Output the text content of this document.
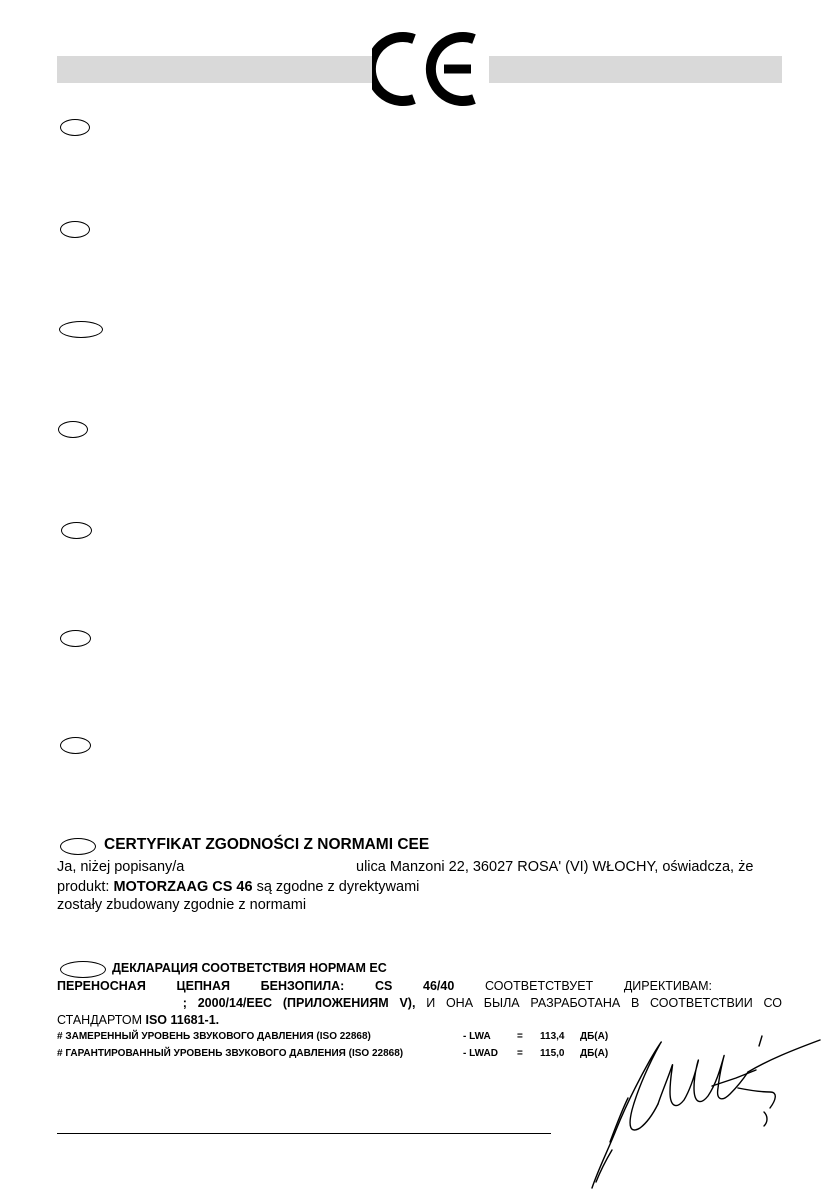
CERTYFIKAT ZGODNOŚCI Z NORMAMI CEE
Ja, niżej popisany/a	ulica Manzoni 22, 36027 ROSA' (VI) WŁOCHY, oświadcza, że
produkt: MOTORZAAG CS 46 są zgodne z dyrektywami
zostały zbudowany zgodnie z normami
ДЕКЛАРАЦИЯ СООТВЕТСТВИЯ НОРМАМ ЕС
ПЕРЕНОСНАЯ ЦЕПНАЯ БЕНЗОПИЛА: CS 46/40 СООТВЕТСТВУЕТ ДИРЕКТИВАМ:
; 2000/14/EEC (ПРИЛОЖЕНИЯМ V), И ОНА БЫЛА РАЗРАБОТАНА В СООТВЕТСТВИИ СО
СТАНДАРТОМ ISO 11681-1.
# ЗАМЕРЕННЫЙ УРОВЕНЬ ЗВУКОВОГО ДАВЛЕНИЯ (ISO 22868)	- LWA	= 113,4 ДБ(А)
# ГАРАНТИРОВАННЫЙ УРОВЕНЬ ЗВУКОВОГО ДАВЛЕНИЯ (ISO 22868)	- LWAD = 115,0 ДБ(А)
